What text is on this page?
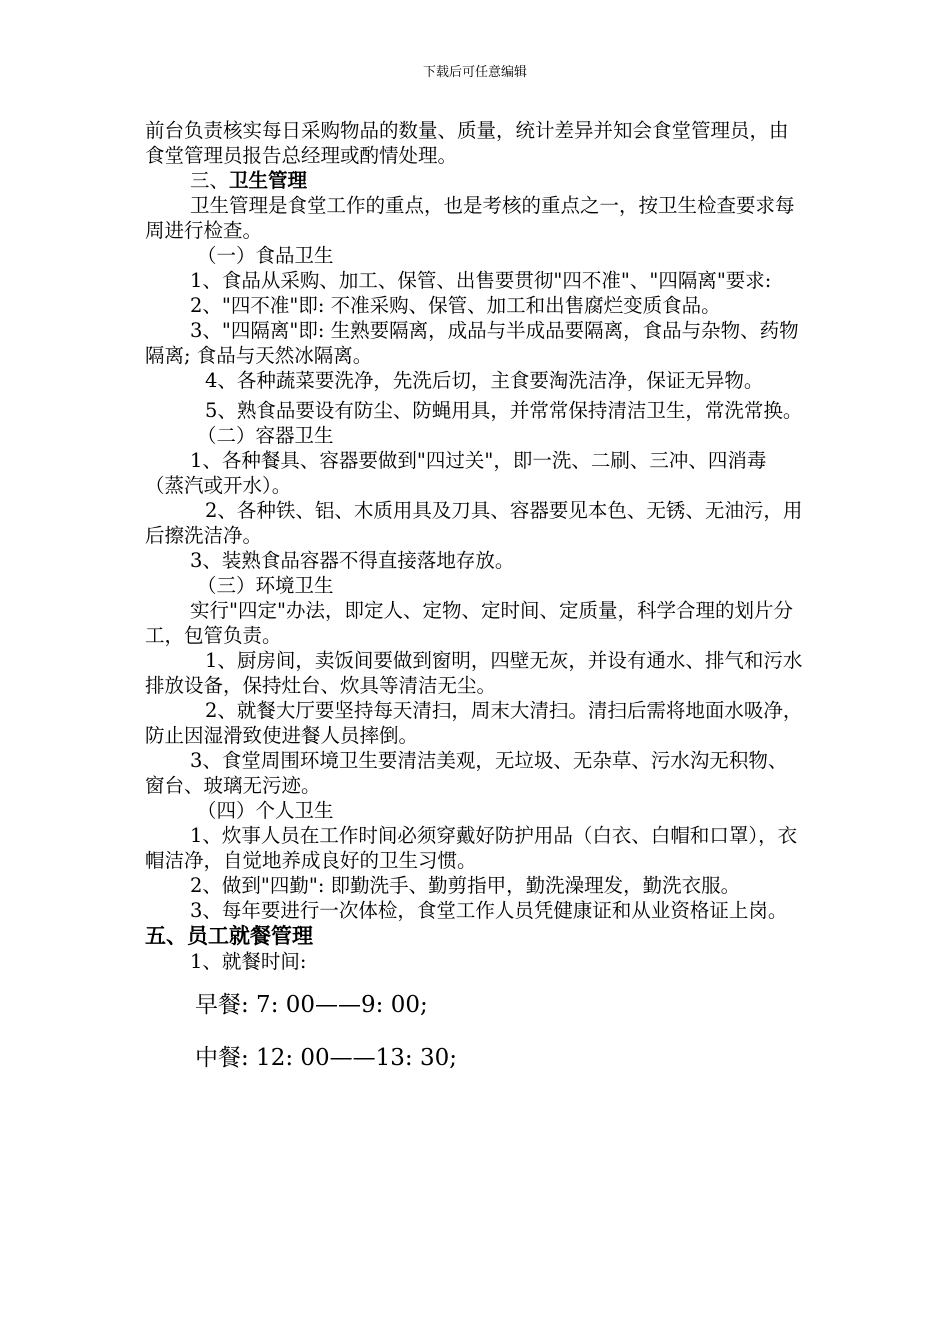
下载后可任意编辑

前台负责核实每日采购物品的数量、质量，统计差异并知会食堂管理员，由食堂管理员报告总经理或酌情处理。

三、卫生管理

卫生管理是食堂工作的重点，也是考核的重点之一，按卫生检查要求每周进行检查。

（一）食品卫生

1、食品从采购、加工、保管、出售要贯彻"四不准"、"四隔离"要求:

2、"四不准"即: 不准采购、保管、加工和出售腐烂变质食品。

3、"四隔离"即: 生熟要隔离，成品与半成品要隔离，食品与杂物、药物隔离; 食品与天然冰隔离。

4、各种蔬菜要洗净，先洗后切，主食要淘洗洁净，保证无异物。

5、熟食品要设有防尘、防蝇用具，并常常保持清洁卫生，常洗常换。

（二）容器卫生

1、各种餐具、容器要做到"四过关"，即一洗、二刷、三冲、四消毒（蒸汽或开水）。

2、各种铁、铝、木质用具及刀具、容器要见本色、无锈、无油污，用后擦洗洁净。

3、装熟食品容器不得直接落地存放。

（三）环境卫生

实行"四定"办法，即定人、定物、定时间、定质量，科学合理的划片分工，包管负责。

1、厨房间，卖饭间要做到窗明，四壁无灰，并设有通水、排气和污水排放设备，保持灶台、炊具等清洁无尘。

2、就餐大厅要坚持每天清扫，周末大清扫。清扫后需将地面水吸净，防止因湿滑致使进餐人员摔倒。

3、食堂周围环境卫生要清洁美观，无垃圾、无杂草、污水沟无积物、窗台、玻璃无污迹。

（四）个人卫生

1、炊事人员在工作时间必须穿戴好防护用品（白衣、白帽和口罩），衣帽洁净，自觉地养成良好的卫生习惯。

2、做到"四勤": 即勤洗手、勤剪指甲，勤洗澡理发，勤洗衣服。

3、每年要进行一次体检，食堂工作人员凭健康证和从业资格证上岗。

五、员工就餐管理

1、就餐时间:

早餐: 7: 00——9: 00;

中餐: 12: 00——13: 30;
